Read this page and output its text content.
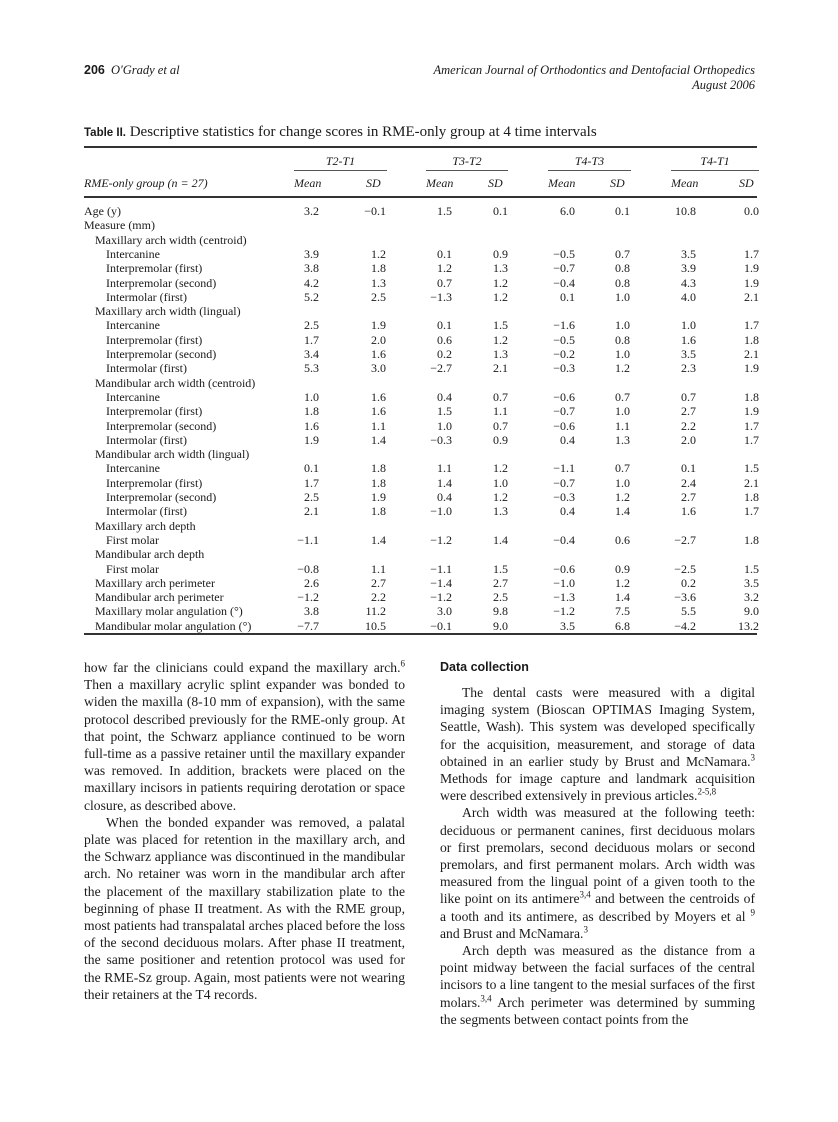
206 O'Grady et al	American Journal of Orthodontics and Dentofacial Orthopedics
August 2006
Table II. Descriptive statistics for change scores in RME-only group at 4 time intervals
RME-only group (n = 27)
T2-T1	T3-T2	T4-T3	T4-T1
Mean	SD	Mean	SD	Mean	SD	Mean	SD
Age (y)	3.2	−0.1	1.5	0.1	6.0	0.1	10.8	0.0
Measure (mm)
Maxillary arch width (centroid)
Intercanine	3.9	1.2	0.1	0.9	−0.5	0.7	3.5	1.7
Interpremolar (first)	3.8	1.8	1.2	1.3	−0.7	0.8	3.9	1.9
Interpremolar (second)	4.2	1.3	0.7	1.2	−0.4	0.8	4.3	1.9
Intermolar (first)	5.2	2.5	−1.3	1.2	0.1	1.0	4.0	2.1
Maxillary arch width (lingual)
Intercanine	2.5	1.9	0.1	1.5	−1.6	1.0	1.0	1.7
Interpremolar (first)	1.7	2.0	0.6	1.2	−0.5	0.8	1.6	1.8
Interpremolar (second)	3.4	1.6	0.2	1.3	−0.2	1.0	3.5	2.1
Intermolar (first)	5.3	3.0	−2.7	2.1	−0.3	1.2	2.3	1.9
Mandibular arch width (centroid)
Intercanine	1.0	1.6	0.4	0.7	−0.6	0.7	0.7	1.8
Interpremolar (first)	1.8	1.6	1.5	1.1	−0.7	1.0	2.7	1.9
Interpremolar (second)	1.6	1.1	1.0	0.7	−0.6	1.1	2.2	1.7
Intermolar (first)	1.9	1.4	−0.3	0.9	0.4	1.3	2.0	1.7
Mandibular arch width (lingual)
Intercanine	0.1	1.8	1.1	1.2	−1.1	0.7	0.1	1.5
Interpremolar (first)	1.7	1.8	1.4	1.0	−0.7	1.0	2.4	2.1
Interpremolar (second)	2.5	1.9	0.4	1.2	−0.3	1.2	2.7	1.8
Intermolar (first)	2.1	1.8	−1.0	1.3	0.4	1.4	1.6	1.7
Maxillary arch depth
First molar	−1.1	1.4	−1.2	1.4	−0.4	0.6	−2.7	1.8
Mandibular arch depth
First molar	−0.8	1.1	−1.1	1.5	−0.6	0.9	−2.5	1.5
Maxillary arch perimeter	2.6	2.7	−1.4	2.7	−1.0	1.2	0.2	3.5
Mandibular arch perimeter	−1.2	2.2	−1.2	2.5	−1.3	1.4	−3.6	3.2
Maxillary molar angulation (°)	3.8	11.2	3.0	9.8	−1.2	7.5	5.5	9.0
Mandibular molar angulation (°)	−7.7	10.5	−0.1	9.0	3.5	6.8	−4.2	13.2

how far the clinicians could expand the maxillary arch.$^6$ Then a maxillary acrylic splint expander was bonded to widen the maxilla (8-10 mm of expansion), with the same protocol described previously for the RME-only group. At that point, the Schwarz appliance continued to be worn full-time as a passive retainer until the maxillary expander was removed. In addition, brackets were placed on the maxillary incisors in patients requiring derotation or space closure, as described above.

When the bonded expander was removed, a palatal plate was placed for retention in the maxillary arch, and the Schwarz appliance was discontinued in the mandibular arch. No retainer was worn in the mandibular arch after the placement of the maxillary stabilization plate to the beginning of phase II treatment. As with the RME group, most patients had transpalatal arches placed before the loss of the second deciduous molars. After phase II treatment, the same positioner and retention protocol was used for the RME-Sz group. Again, most patients were not wearing their retainers at the T4 records.

Data collection

The dental casts were measured with a digital imaging system (Bioscan OPTIMAS Imaging System, Seattle, Wash). This system was developed specifically for the acquisition, measurement, and storage of data obtained in an earlier study by Brust and McNamara.$^3$ Methods for image capture and landmark acquisition were described extensively in previous articles.$^{2-5,8}$

Arch width was measured at the following teeth: deciduous or permanent canines, first deciduous molars or first premolars, second deciduous molars or second premolars, and first permanent molars. Arch width was measured from the lingual point of a given tooth to the like point on its antimere$^{3,4}$ and between the centroids of a tooth and its antimere, as described by Moyers et al $^9$ and Brust and McNamara.$^3$

Arch depth was measured as the distance from a point midway between the facial surfaces of the central incisors to a line tangent to the mesial surfaces of the first molars.$^{3,4}$ Arch perimeter was determined by summing the segments between contact points from the
